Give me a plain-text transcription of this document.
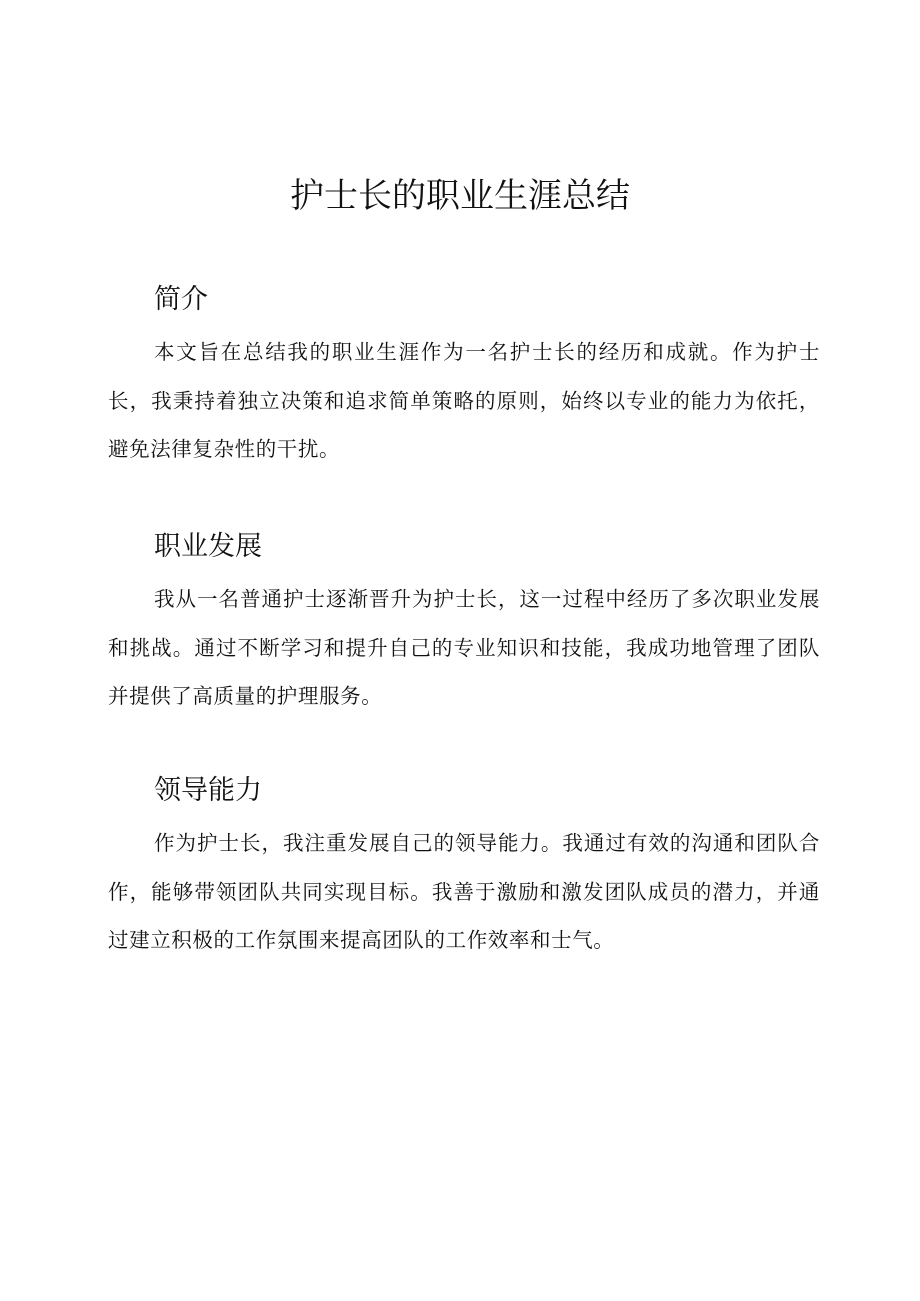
护士长的职业生涯总结
简介

本文旨在总结我的职业生涯作为一名护士长的经历和成就。作为护士长，我秉持着独立决策和追求简单策略的原则，始终以专业的能力为依托，避免法律复杂性的干扰。

职业发展

我从一名普通护士逐渐晋升为护士长，这一过程中经历了多次职业发展和挑战。通过不断学习和提升自己的专业知识和技能，我成功地管理了团队并提供了高质量的护理服务。

领导能力

作为护士长，我注重发展自己的领导能力。我通过有效的沟通和团队合作，能够带领团队共同实现目标。我善于激励和激发团队成员的潜力，并通过建立积极的工作氛围来提高团队的工作效率和士气。
